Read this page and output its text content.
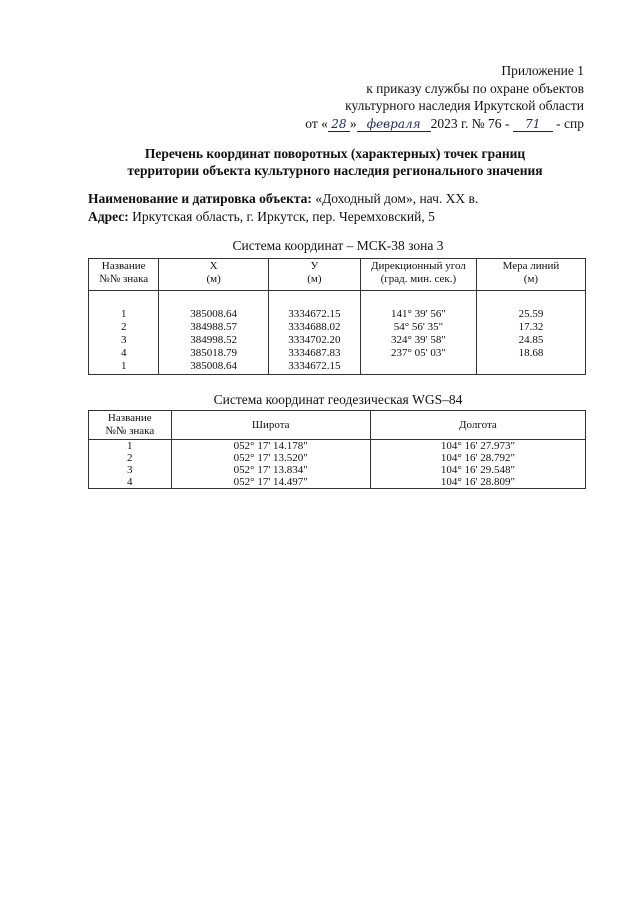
Приложение 1
к приказу службы по охране объектов
культурного наследия Иркутской области
от « 28 » февраля 2023 г. № 76 - 71 - спр
Перечень координат поворотных (характерных) точек границ
территории объекта культурного наследия регионального значения
Наименование и датировка объекта: «Доходный дом», нач. XX в.
Адрес: Иркутская область, г. Иркутск, пер. Черемховский, 5
Система координат – МСК-38 зона 3
Название
№№ знака	X
(м)	У
(м)	Дирекционный угол
(град. мин. сек.)	Мера линий
(м)

1	385008.64	3334672.15	141° 39' 56"	25.59
2	384988.57	3334688.02	54° 56' 35"	17.32
3	384998.52	3334702.20	324° 39' 58"	24.85
4	385018.79	3334687.83	237° 05' 03"	18.68
1	385008.64	3334672.15		
Система координат геодезическая WGS–84
Название
№№ знака	Широта	Долгота
1	052° 17' 14.178"	104° 16' 27.973"
2	052° 17' 13.520"	104° 16' 28.792"
3	052° 17' 13.834"	104° 16' 29.548"
4	052° 17' 14.497"	104° 16' 28.809"
